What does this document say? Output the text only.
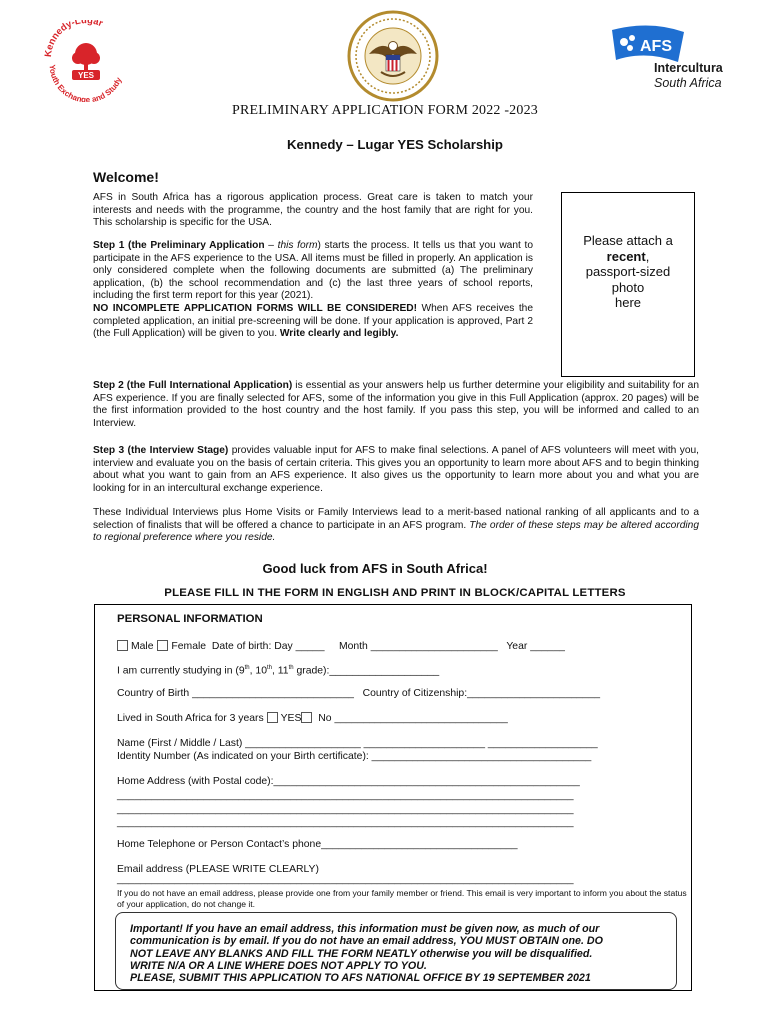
Kennedy-Lugar
Youth Exchange and Study
YES
AFS
Intercultura
South Africa
PRELIMINARY APPLICATION FORM 2022 -2023
Kennedy – Lugar YES Scholarship
Welcome!
AFS in South Africa has a rigorous application process. Great care is taken to match your interests and needs with the programme, the country and the host family that are right for you. This scholarship is specific for the USA.
Step 1 (the Preliminary Application – this form) starts the process. It tells us that you want to participate in the AFS experience to the USA. All items must be filled in properly. An application is only considered complete when the following documents are submitted (a) The preliminary application, (b) the school recommendation and (c) the last three years of school reports, including the first term report for this year (2021).
NO INCOMPLETE APPLICATION FORMS WILL BE CONSIDERED! When AFS receives the completed application, an initial pre-screening will be done. If your application is approved, Part 2 (the Full Application) will be given to you. Write clearly and legibly.
Please attach a
recent,
passport-sized
photo
here
Step 2 (the Full International Application) is essential as your answers help us further determine your eligibility and suitability for an AFS experience. If you are finally selected for AFS, some of the information you give in this Full Application (approx. 20 pages) will be the first information provided to the host country and the host family. If you pass this step, you will be informed and called to an Interview.
Step 3 (the Interview Stage) provides valuable input for AFS to make final selections. A panel of AFS volunteers will meet with you, interview and evaluate you on the basis of certain criteria. This gives you an opportunity to learn more about AFS and to begin thinking about what you want to gain from an AFS experience. It also gives us the opportunity to learn more about you and what you are looking for in an intercultural exchange experience.
These Individual Interviews plus Home Visits or Family Interviews lead to a merit-based national ranking of all applicants and to a selection of finalists that will be offered a chance to participate in an AFS program. The order of these steps may be altered according to regional preference where you reside.
Good luck from AFS in South Africa!
PLEASE FILL IN THE FORM IN ENGLISH AND PRINT IN BLOCK/CAPITAL LETTERS
PERSONAL INFORMATION
Male Female Date of birth: Day _____ Month ______________________ Year ______
I am currently studying in (9th, 10th, 11th grade):___________________
Country of Birth ____________________________ Country of Citizenship:_______________________
Lived in South Africa for 3 years YES No ______________________________
Name (First / Middle / Last) ____________________ _____________________ ___________________
Identity Number (As indicated on your Birth certificate): ______________________________________
Home Address (with Postal code):_____________________________________________________
_______________________________________________________________________________
_______________________________________________________________________________
_______________________________________________________________________________
Home Telephone or Person Contact’s phone__________________________________
Email address (PLEASE WRITE CLEARLY)
_______________________________________________________________________________
If you do not have an email address, please provide one from your family member or friend. This email is very important to inform you about the status of your application, do not change it.
Important! If you have an email address, this information must be given now, as much of our
communication is by email. If you do not have an email address, YOU MUST OBTAIN one. DO
NOT LEAVE ANY BLANKS AND FILL THE FORM NEATLY otherwise you will be disqualified.
WRITE N/A OR A LINE WHERE DOES NOT APPLY TO YOU.
PLEASE, SUBMIT THIS APPLICATION TO AFS NATIONAL OFFICE BY 19 SEPTEMBER 2021
